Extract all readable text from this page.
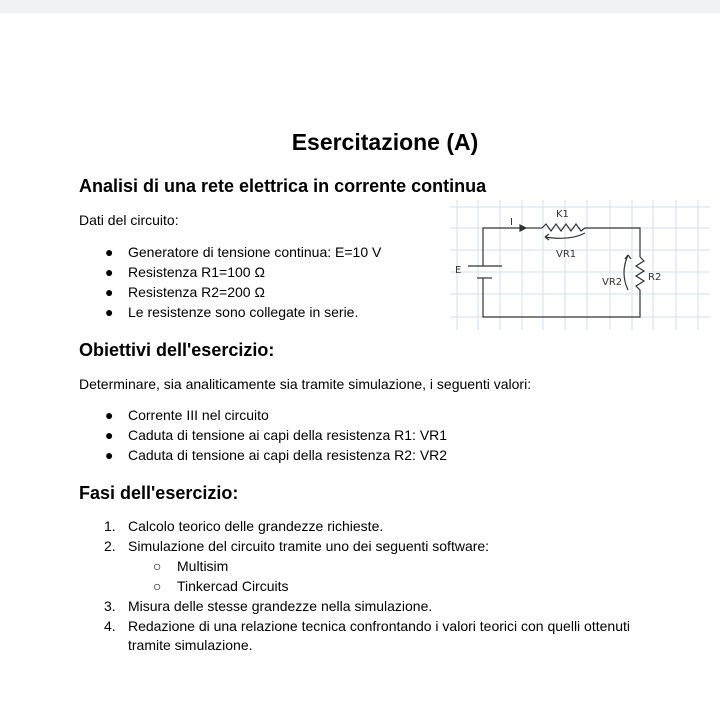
Esercitazione (A)
Analisi di una rete elettrica in corrente continua
Dati del circuito:
● Generatore di tensione continua: E=10 V
● Resistenza R1=100 Ω
● Resistenza R2=200 Ω
● Le resistenze sono collegate in serie.
I
K1
VR1
E
VR2	R2
Obiettivi dell'esercizio:
Determinare, sia analiticamente sia tramite simulazione, i seguenti valori:
● Corrente III nel circuito
● Caduta di tensione ai capi della resistenza R1: VR1
● Caduta di tensione ai capi della resistenza R2: VR2
Fasi dell'esercizio:
1. Calcolo teorico delle grandezze richieste.
2. Simulazione del circuito tramite uno dei seguenti software:
○ Multisim
○ Tinkercad Circuits
3. Misura delle stesse grandezze nella simulazione.
4. Redazione di una relazione tecnica confrontando i valori teorici con quelli ottenuti
tramite simulazione.
